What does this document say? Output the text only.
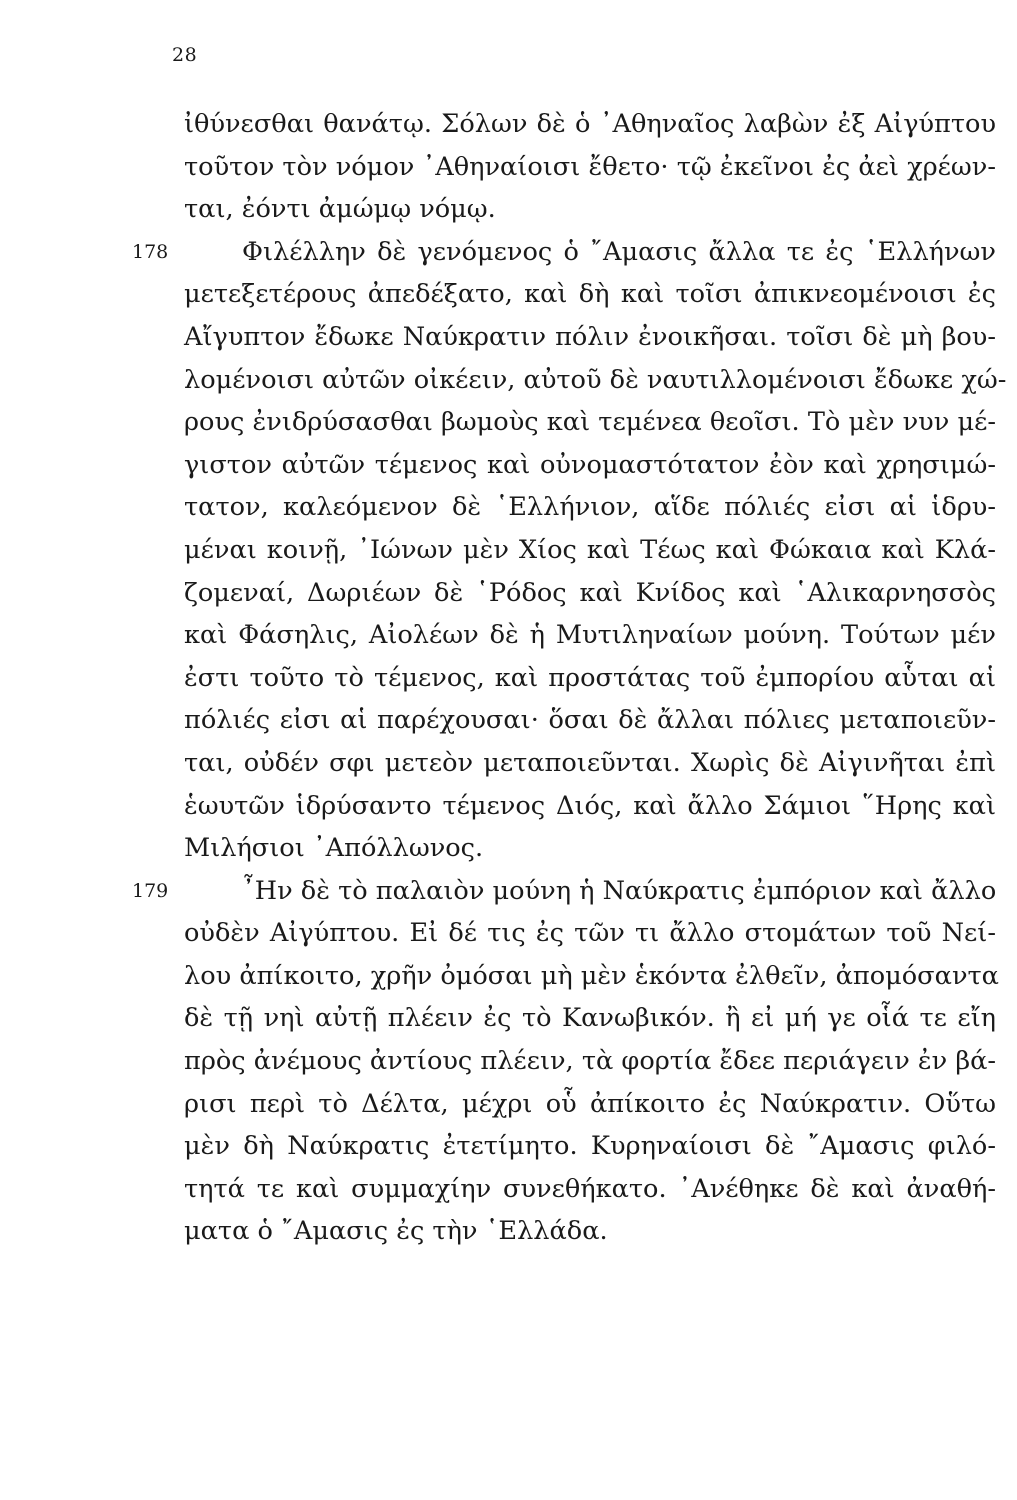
28
ἰθύνεσθαι θανάτῳ. Σόλων δὲ ὁ ᾿Αθηναῖος λαβὼν ἐξ Αἰγύπτου
τοῦτον τὸν νόμον ᾿Αθηναίοισι ἔθετο· τῷ ἐκεῖνοι ἐς ἀεὶ χρέων-
ται, ἐόντι ἀμώμῳ νόμῳ.
178	Φιλέλλην δὲ γενόμενος ὁ ῎Αμασις ἄλλα τε ἐς ῾Ελλήνων
μετεξετέρους ἀπεδέξατο, καὶ δὴ καὶ τοῖσι ἀπικνεομένοισι ἐς
Αἴγυπτον ἔδωκε Ναύκρατιν πόλιν ἐνοικῆσαι. τοῖσι δὲ μὴ βου-
λομένοισι αὐτῶν οἰκέειν, αὐτοῦ δὲ ναυτιλλομένοισι ἔδωκε χώ-
ρους ἐνιδρύσασθαι βωμοὺς καὶ τεμένεα θεοῖσι. Τὸ μὲν νυν μέ-
γιστον αὐτῶν τέμενος καὶ οὐνομαστότατον ἐὸν καὶ χρησιμώ-
τατον, καλεόμενον δὲ ῾Ελλήνιον, αἵδε πόλιές εἰσι αἱ ἱδρυ-
μέναι κοινῇ, ᾿Ιώνων μὲν Χίος καὶ Τέως καὶ Φώκαια καὶ Κλά-
ζομεναί, Δωριέων δὲ ῾Ρόδος καὶ Κνίδος καὶ ῾Αλικαρνησσὸς
καὶ Φάσηλις, Αἰολέων δὲ ἡ Μυτιληναίων μούνη. Τούτων μέν
ἐστι τοῦτο τὸ τέμενος, καὶ προστάτας τοῦ ἐμπορίου αὗται αἱ
πόλιές εἰσι αἱ παρέχουσαι· ὅσαι δὲ ἄλλαι πόλιες μεταποιεῦν-
ται, οὐδέν σφι μετεὸν μεταποιεῦνται. Χωρὶς δὲ Αἰγινῆται ἐπὶ
ἑωυτῶν ἱδρύσαντο τέμενος Διός, καὶ ἄλλο Σάμιοι ῞Ηρης καὶ
Μιλήσιοι ᾿Απόλλωνος.
179	῏Ην δὲ τὸ παλαιὸν μούνη ἡ Ναύκρατις ἐμπόριον καὶ ἄλλο
οὐδὲν Αἰγύπτου. Εἰ δέ τις ἐς τῶν τι ἄλλο στομάτων τοῦ Νεί-
λου ἀπίκοιτο, χρῆν ὀμόσαι μὴ μὲν ἑκόντα ἐλθεῖν, ἀπομόσαντα
δὲ τῇ νηὶ αὐτῇ πλέειν ἐς τὸ Κανωβικόν. ἢ εἰ μή γε οἷά τε εἴη
πρὸς ἀνέμους ἀντίους πλέειν, τὰ φορτία ἔδεε περιάγειν ἐν βά-
ρισι περὶ τὸ Δέλτα, μέχρι οὗ ἀπίκοιτο ἐς Ναύκρατιν. Οὕτω
μὲν δὴ Ναύκρατις ἐτετίμητο. Κυρηναίοισι δὲ ῎Αμασις φιλό-
τητά τε καὶ συμμαχίην συνεθήκατο. ᾿Ανέθηκε δὲ καὶ ἀναθή-
ματα ὁ ῎Αμασις ἐς τὴν ῾Ελλάδα.
